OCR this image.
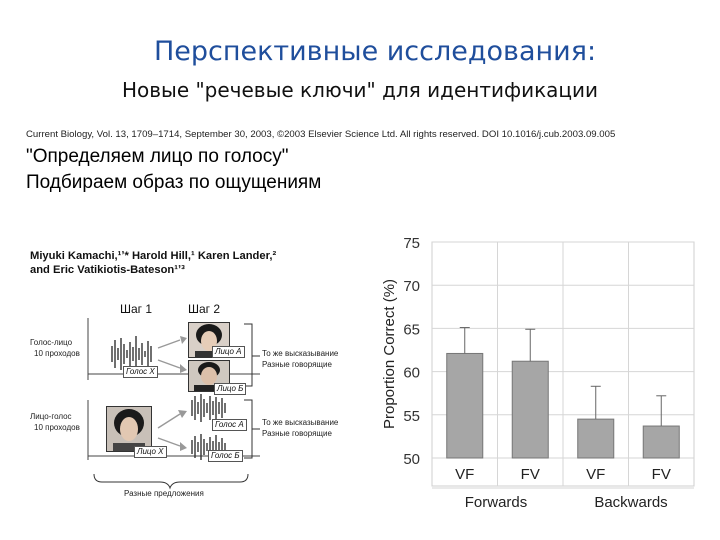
Перспективные исследования:
Новые "речевые ключи" для идентификации
Current Biology, Vol. 13, 1709–1714, September 30, 2003, ©2003 Elsevier Science Ltd. All rights reserved. DOI 10.1016/j.cub.2003.09.005
"Определяем лицо по голосу"
Подбираем образ по ощущениям
Miyuki Kamachi,¹ʼ* Harold Hill,¹ Karen Lander,²
and Eric Vatikiotis-Bateson¹ʼ³
Шаг 1	Шаг 2
Голос-лицо
10 проходов
Лицо-голос
10 проходов
Лицо A
Голос X
Лицо Б
Голос A
Лицо X	Голос Б
То же высказывание
Разные говорящие
То же высказывание
Разные говорящие
Разные предложения
50
55
60
65
70
75
VF	FV	VF	FV
Proportion Correct (%)
Forwards	Backwards
